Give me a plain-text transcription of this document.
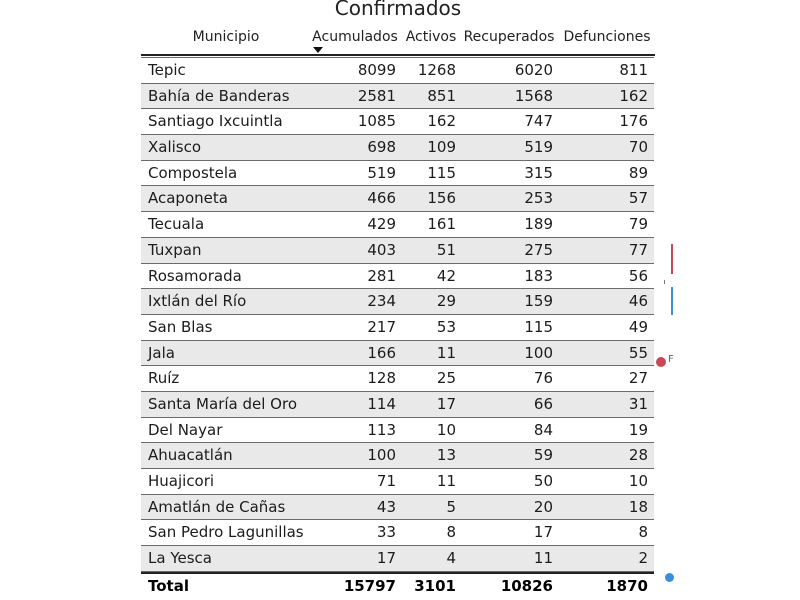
Confirmados
Municipio	Acumulados Activos Recuperados Defunciones
Tepic	8099 1268	6020	811
Bahía de Banderas	2581 851	1568	162
Santiago Ixcuintla	1085 162	747	176
Xalisco	698 109	519	70
Compostela	519 115	315	89
Acaponeta	466 156	253	57
Tecuala	429 161	189	79
Tuxpan	403	51	275	77
Rosamorada	281	42	183	56
Ixtlán del Río	234	29	159	46
San Blas	217	53	115	49
Jala	166	11	100	55
Ruíz	128	25	76	27
Santa María del Oro	114	17	66	31
Del Nayar	113	10	84	19
Ahuacatlán	100	13	59	28
Huajicori	71	11	50	10
Amatlán de Cañas	43	5	20	18
San Pedro Lagunillas	33	8	17	8
La Yesca	17	4	11	2
Total	15797 3101	10826	1870
F
